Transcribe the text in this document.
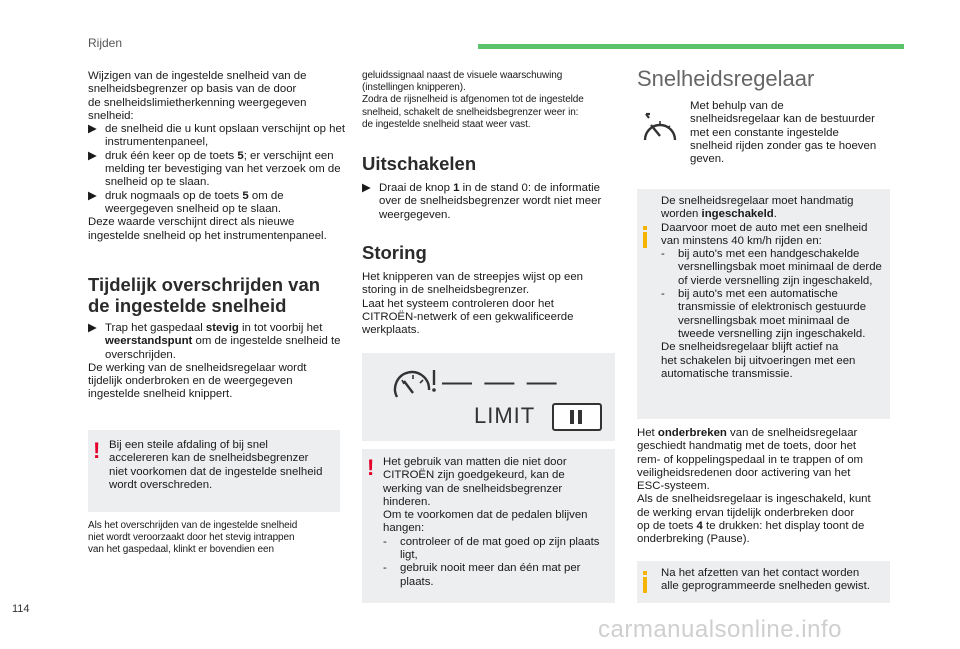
Rijden

Wijzigen van de ingestelde snelheid van de
snelheidsbegrenzer op basis van de door
de snelheidslimietherkenning weergegeven
snelheid:

▶ de snelheid die u kunt opslaan verschijnt op het instrumentenpaneel,
▶ druk één keer op de toets 5; er verschijnt een melding ter bevestiging van het verzoek om de snelheid op te slaan.
▶ druk nogmaals op de toets 5 om de weergegeven snelheid op te slaan.

Deze waarde verschijnt direct als nieuwe
ingestelde snelheid op het instrumentenpaneel.

Tijdelijk overschrijden van
de ingestelde snelheid
▶ Trap het gaspedaal stevig in tot voorbij het weerstandspunt om de ingestelde snelheid te overschrijden.

De werking van de snelheidsregelaar wordt
tijdelijk onderbroken en de weergegeven
ingestelde snelheid knippert.

! Bij een steile afdaling of bij snel
accelereren kan de snelheidsbegrenzer
niet voorkomen dat de ingestelde snelheid
wordt overschreden.

Als het overschrijden van de ingestelde snelheid
niet wordt veroorzaakt door het stevig intrappen
van het gaspedaal, klinkt er bovendien een

geluidssignaal naast de visuele waarschuwing
(instellingen knipperen).
Zodra de rijsnelheid is afgenomen tot de ingestelde
snelheid, schakelt de snelheidsbegrenzer weer in:
de ingestelde snelheid staat weer vast.

Uitschakelen
▶ Draai de knop 1 in de stand 0: de informatie over de snelheidsbegrenzer wordt niet meer weergegeven.
Storing

Het knipperen van de streepjes wijst op een
storing in de snelheidsbegrenzer.
Laat het systeem controleren door het
CITROËN-netwerk of een gekwalificeerde
werkplaats.

— — —
LIMIT
! Het gebruik van matten die niet door
CITROËN zijn goedgekeurd, kan de
werking van de snelheidsbegrenzer
hinderen.
Om te voorkomen dat de pedalen blijven
hangen:

-	controleer of de mat goed op zijn plaats ligt,
-	gebruik nooit meer dan één mat per plaats.
Snelheidsregelaar

Met behulp van de
snelheidsregelaar kan de bestuurder
met een constante ingestelde
snelheid rijden zonder gas te hoeven
geven.

De snelheidsregelaar moet handmatig
worden ingeschakeld.
Daarvoor moet de auto met een snelheid
van minstens 40 km/h rijden en:

-	bij auto's met een handgeschakelde versnellingsbak moet minimaal de derde of vierde versnelling zijn ingeschakeld,
-	bij auto's met een automatische transmissie of elektronisch gestuurde versnellingsbak moet minimaal de tweede versnelling zijn ingeschakeld.

De snelheidsregelaar blijft actief na
het schakelen bij uitvoeringen met een
automatische transmissie.

Het onderbreken van de snelheidsregelaar
geschiedt handmatig met de toets, door het
rem- of koppelingspedaal in te trappen of om
veiligheidsredenen door activering van het
ESC-systeem.
Als de snelheidsregelaar is ingeschakeld, kunt
de werking ervan tijdelijk onderbreken door
op de toets 4 te drukken: het display toont de
onderbreking (Pause).

Na het afzetten van het contact worden
alle geprogrammeerde snelheden gewist.

114
carmanualsonline.info
